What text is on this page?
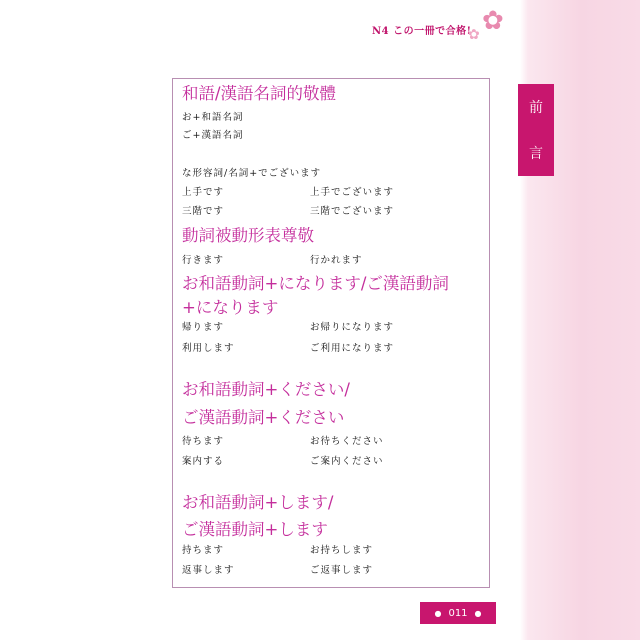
N4 この一冊で合格!
✿ ✿
前
言
和語/漢語名詞的敬體
お+和語名詞
ご+漢語名詞
な形容詞/名詞+でございます
上手です	上手でございます
三階です	三階でございます
動詞被動形表尊敬
行きます	行かれます
お和語動詞+になります/ご漢語動詞
+になります
帰ります	お帰りになります
利用します	ご利用になります
お和語動詞+ください/
ご漢語動詞+ください
待ちます	お待ちください
案内する	ご案内ください
お和語動詞+します/
ご漢語動詞+します
持ちます	お持ちします
返事します	ご返事します
● 011 ●
